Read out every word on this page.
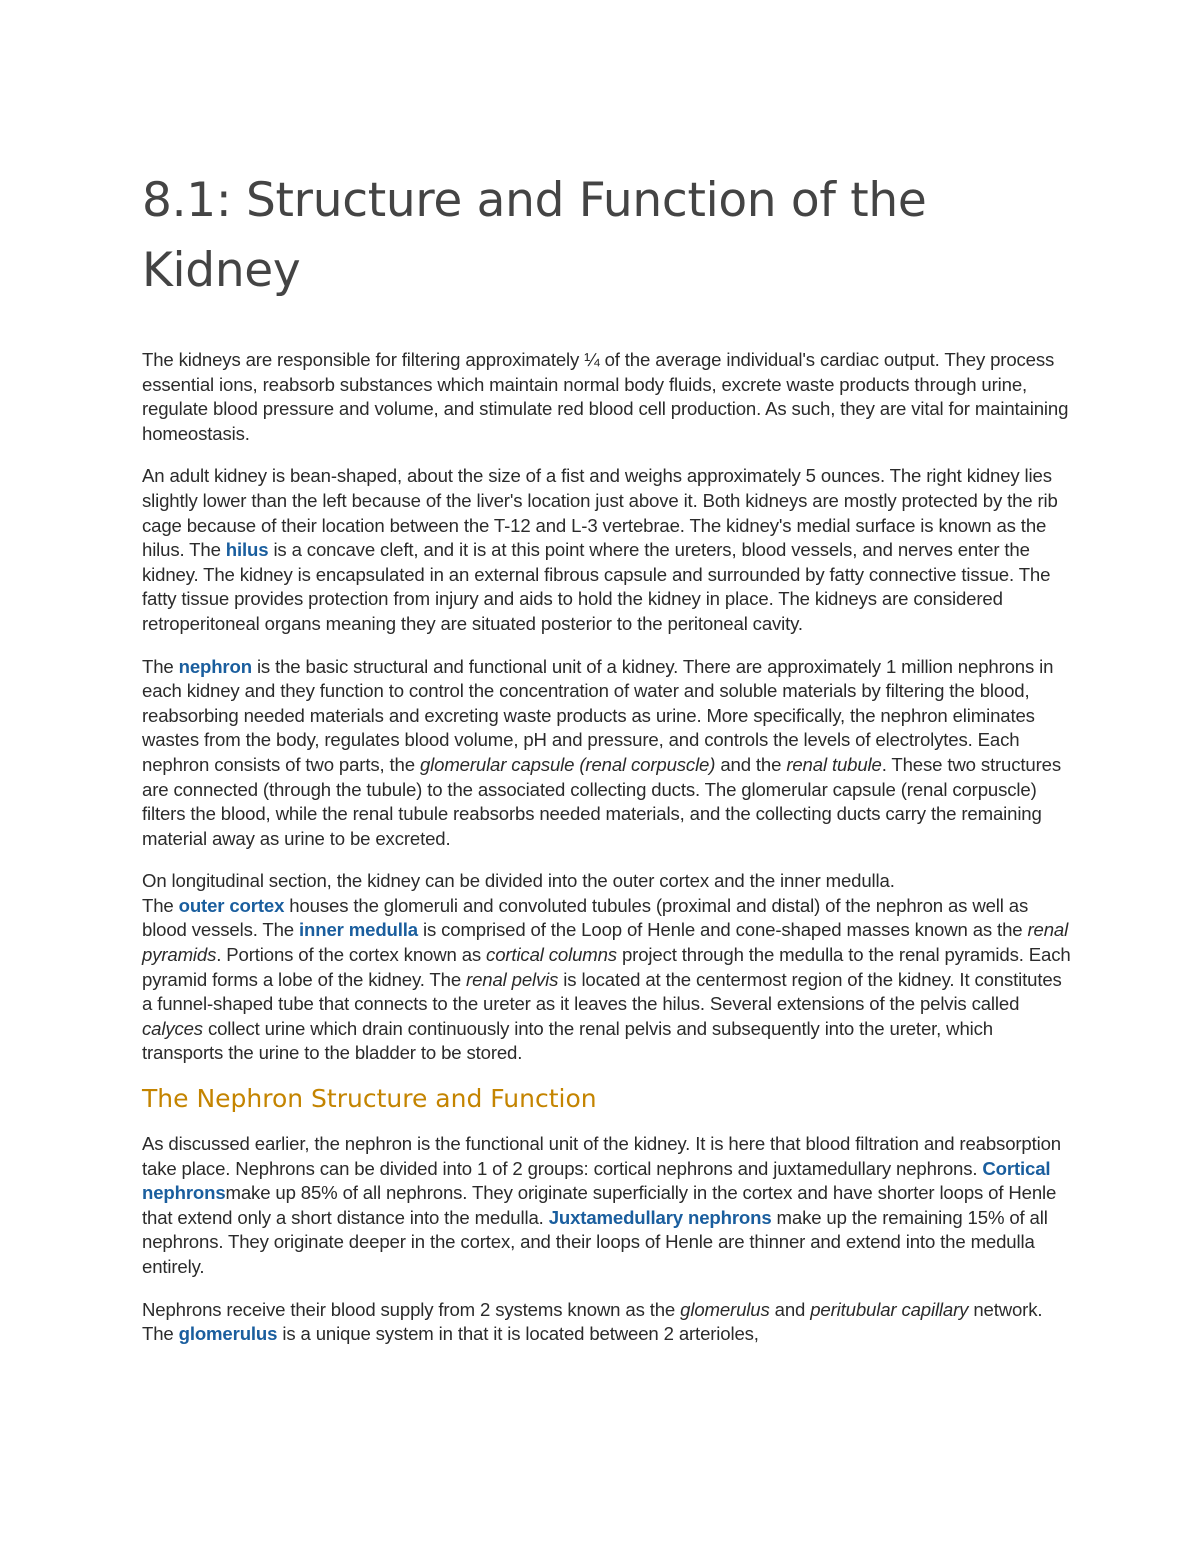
8.1: Structure and Function of the Kidney

The kidneys are responsible for filtering approximately ¼ of the average individual's cardiac output. They process essential ions, reabsorb substances which maintain normal body fluids, excrete waste products through urine, regulate blood pressure and volume, and stimulate red blood cell production. As such, they are vital for maintaining homeostasis.

An adult kidney is bean-shaped, about the size of a fist and weighs approximately 5 ounces. The right kidney lies slightly lower than the left because of the liver's location just above it. Both kidneys are mostly protected by the rib cage because of their location between the T-12 and L-3 vertebrae. The kidney's medial surface is known as the hilus. The hilus is a concave cleft, and it is at this point where the ureters, blood vessels, and nerves enter the kidney. The kidney is encapsulated in an external fibrous capsule and surrounded by fatty connective tissue. The fatty tissue provides protection from injury and aids to hold the kidney in place. The kidneys are considered retroperitoneal organs meaning they are situated posterior to the peritoneal cavity.

The nephron is the basic structural and functional unit of a kidney. There are approximately 1 million nephrons in each kidney and they function to control the concentration of water and soluble materials by filtering the blood, reabsorbing needed materials and excreting waste products as urine. More specifically, the nephron eliminates wastes from the body, regulates blood volume, pH and pressure, and controls the levels of electrolytes. Each nephron consists of two parts, the glomerular capsule (renal corpuscle) and the renal tubule. These two structures are connected (through the tubule) to the associated collecting ducts. The glomerular capsule (renal corpuscle) filters the blood, while the renal tubule reabsorbs needed materials, and the collecting ducts carry the remaining material away as urine to be excreted.

On longitudinal section, the kidney can be divided into the outer cortex and the inner medulla.
The outer cortex houses the glomeruli and convoluted tubules (proximal and distal) of the nephron as well as blood vessels. The inner medulla is comprised of the Loop of Henle and cone-shaped masses known as the renal pyramids. Portions of the cortex known as cortical columns project through the medulla to the renal pyramids. Each pyramid forms a lobe of the kidney. The renal pelvis is located at the centermost region of the kidney. It constitutes a funnel-shaped tube that connects to the ureter as it leaves the hilus. Several extensions of the pelvis called calyces collect urine which drain continuously into the renal pelvis and subsequently into the ureter, which transports the urine to the bladder to be stored.

The Nephron Structure and Function

As discussed earlier, the nephron is the functional unit of the kidney. It is here that blood filtration and reabsorption take place. Nephrons can be divided into 1 of 2 groups: cortical nephrons and juxtamedullary nephrons. Cortical nephronsmake up 85% of all nephrons. They originate superficially in the cortex and have shorter loops of Henle that extend only a short distance into the medulla. Juxtamedullary nephrons make up the remaining 15% of all nephrons. They originate deeper in the cortex, and their loops of Henle are thinner and extend into the medulla entirely.

Nephrons receive their blood supply from 2 systems known as the glomerulus and peritubular capillary network. The glomerulus is a unique system in that it is located between 2 arterioles,
